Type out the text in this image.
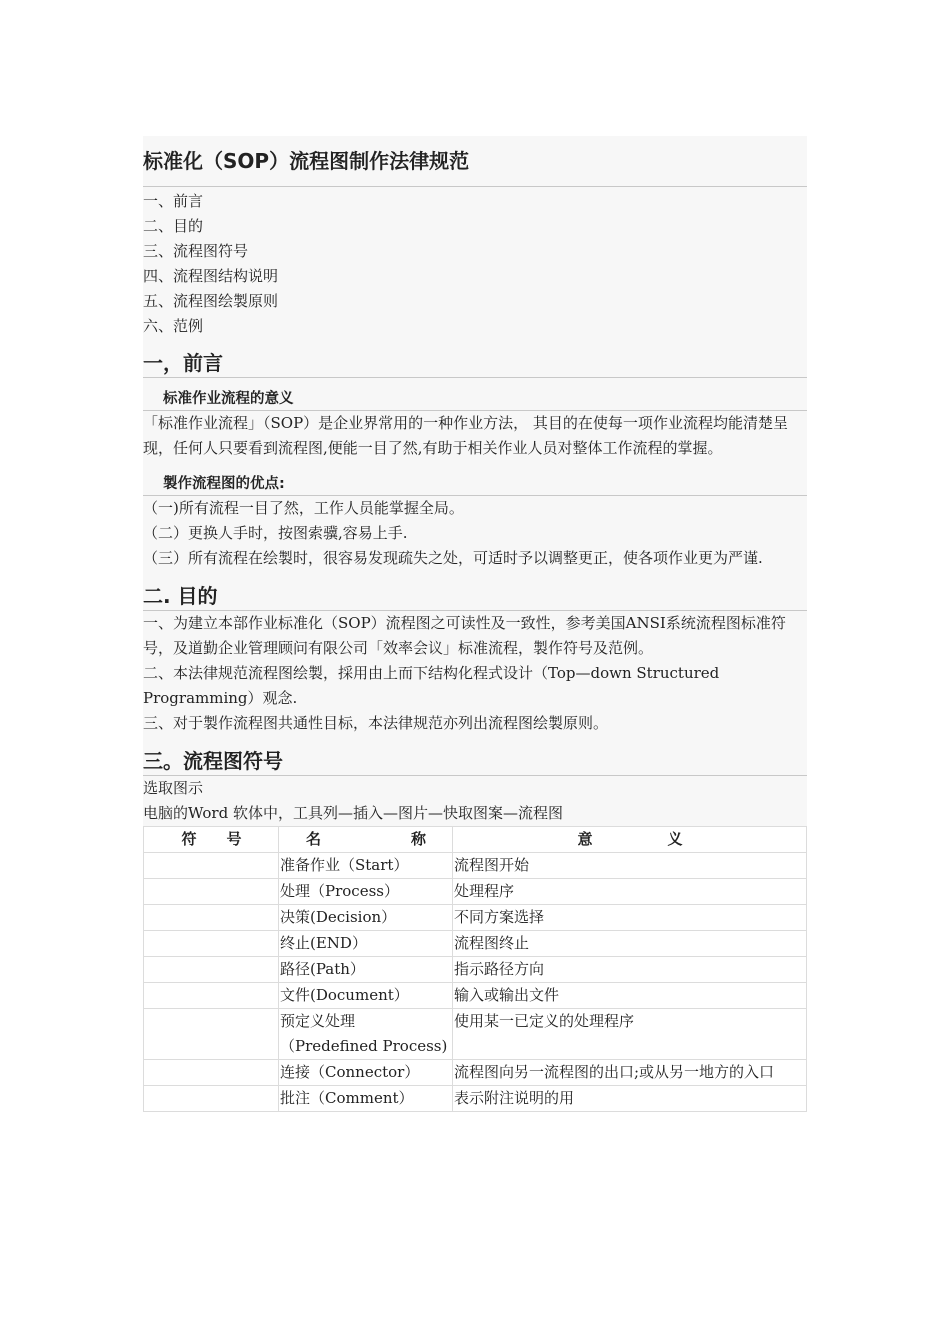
标准化（SOP）流程图制作法律规范
一、前言
二、目的
三、流程图符号
四、流程图结构说明
五、流程图绘製原则
六、范例
一，前言
标准作业流程的意义

「标准作业流程」（SOP）是企业界常用的一种作业方法， 其目的在使每一项作业流程均能清楚呈现，任何人只要看到流程图,便能一目了然,有助于相关作业人员对整体工作流程的掌握。

製作流程图的优点:

（一)所有流程一目了然，工作人员能掌握全局。

（二）更换人手时，按图索骥,容易上手.

（三）所有流程在绘製时，很容易发现疏失之处，可适时予以调整更正，使各项作业更为严谨.

二. 目的

一、为建立本部作业标准化（SOP）流程图之可读性及一致性，参考美国ANSI系统流程图标准符号，及道勤企业管理顾问有限公司「效率会议」标准流程，製作符号及范例。

二、本法律规范流程图绘製，採用由上而下结构化程式设计（Top—down Structured Programming）观念.

三、对于製作流程图共通性目标，本法律规范亦列出流程图绘製原则。

三。流程图符号

选取图示

电脑的Word 软体中，工具列—插入—图片—快取图案—流程图

符　　号	名　　　　　　称	意　　　　　义
	准备作业（Start）	流程图开始
	处理（Process）	处理程序
	决策(Decision）	不同方案选择
	终止(END）	流程图终止
	路径(Path）	指示路径方向
	文件(Document）	输入或输出文件
	预定义处理（Predefined Process)	使用某一已定义的处理程序
	连接（Connector）	流程图向另一流程图的出口;或从另一地方的入口
	批注（Comment）	表示附注说明的用
